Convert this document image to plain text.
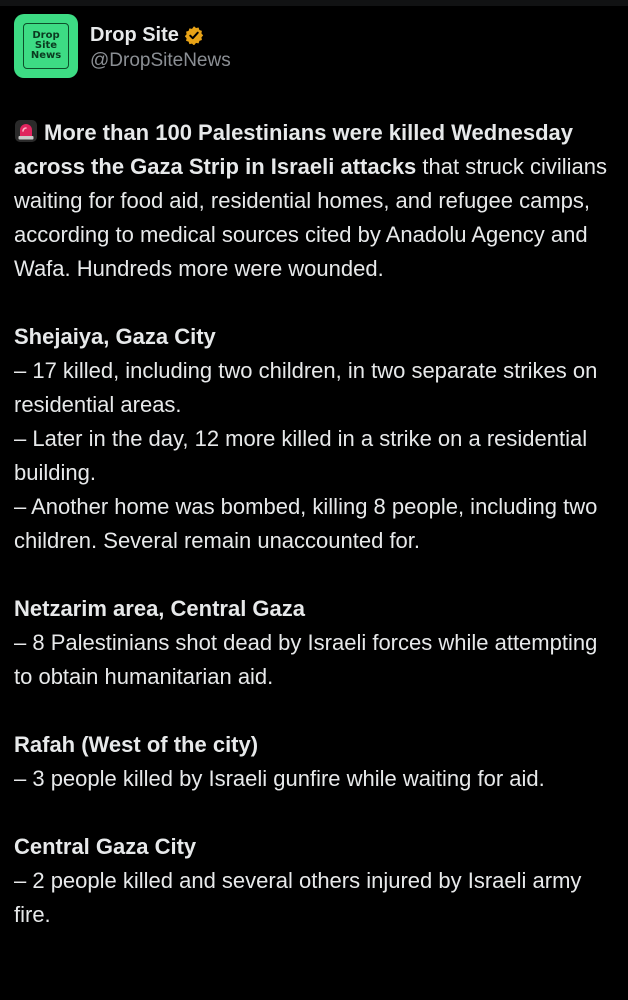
Drop
Site
News
Drop Site
@DropSiteNews

More than 100 Palestinians were killed Wednesday across the Gaza Strip in Israeli attacks that struck civilians waiting for food aid, residential homes, and refugee camps, according to medical sources cited by Anadolu Agency and Wafa. Hundreds more were wounded.

Shejaiya, Gaza City
– 17 killed, including two children, in two separate strikes on residential areas.
– Later in the day, 12 more killed in a strike on a residential building.
– Another home was bombed, killing 8 people, including two children. Several remain unaccounted for.

Netzarim area, Central Gaza
– 8 Palestinians shot dead by Israeli forces while attempting to obtain humanitarian aid.

Rafah (West of the city)
– 3 people killed by Israeli gunfire while waiting for aid.

Central Gaza City
– 2 people killed and several others injured by Israeli army fire.
